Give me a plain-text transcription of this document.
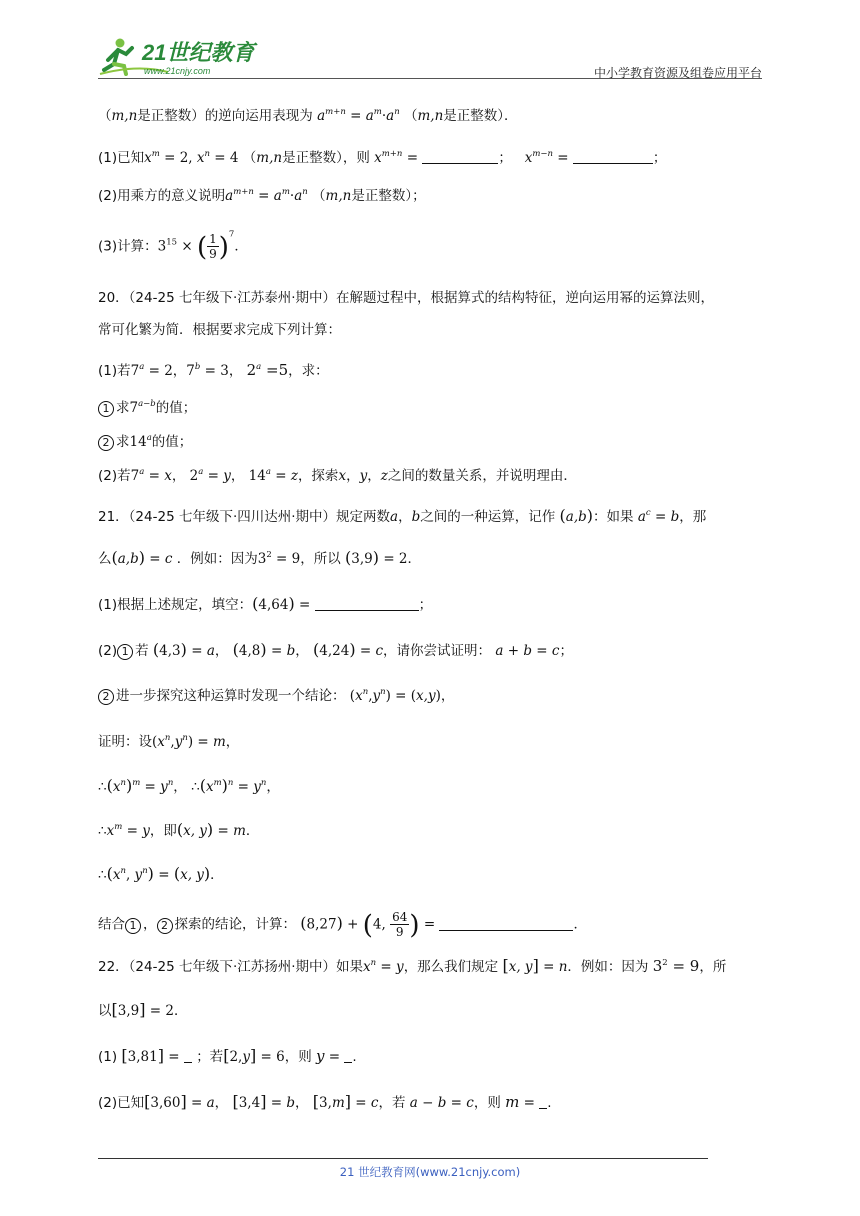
21世纪教育
www.21cnjy.com	中小学教育资源及组卷应用平台
（m,n是正整数）的逆向运用表现为 $a^{m+n} = a^m\cdot a^n$ （m,n是正整数）．
(1)已知$x^m = 2$, $x^n = 4$ （m,n是正整数），则 $x^{m+n}$ =	； $x^{m-n}$ =	；
(2)用乘方的意义说明$a^{m+n} = a^m\cdot a^n$ （m,n是正整数）；
(3)计算：$3^{15}$ × ( $\frac{1}{9} )^7$．
20．（24-25 七年级下·江苏泰州·期中）在解题过程中，根据算式的结构特征，逆向运用幂的运算法则，
常可化繁为简．根据要求完成下列计算：
(1)若$7^a = 2$，$7^b = 3$， $2^a =5$，求：
1 求$7^{a-b}$的值；
2 求14$^a$的值；
(2)若$7^a = x$， $2^a = y$， $14^a = z$，探索x，y，z之间的数量关系，并说明理由．
21．（24-25 七年级下·四川达州·期中）规定两数a，b之间的一种运算，记作 (a,b)：如果 $a^c = b$，那
么(a,b) = c ．例如：因为$3^2 = 9$，所以 (3,9) = 2．
(1)根据上述规定，填空：(4,64) =	；
(2) 1 若 (4,3) = a， (4,8) = b， (4,24) = c，请你尝试证明： a + b = c；
2 进一步探究这种运算时发现一个结论： $(x^n,y^n) = (x,y)$，
证明：设$(x^n,y^n) = m$，
$\therefore(x^n)^m = y^n$， $\therefore(x^m)^n = y^n$，
$\therefore x^m = y$，即(x, y) = m．
$\therefore(x^n$, $y^n) = (x$, y)．
结合 1 ， 2 探索的结论，计算： (8,27) + (4, $\frac{64}{9}$ ) =	．
22．（24-25 七年级下·江苏扬州·期中）如果$x^n = y$，那么我们规定 [x, y] = n．例如：因为 $3^2 = 9$，所
以[3,9] = 2．
(1) [3,81] =  ；若[2,y] = 6，则 y = .
(2)已知[3,60] = a， [3,4] = b， [3,m] = c，若 a − b = c，则 m = .
21 世纪教育网(www.21cnjy.com)
